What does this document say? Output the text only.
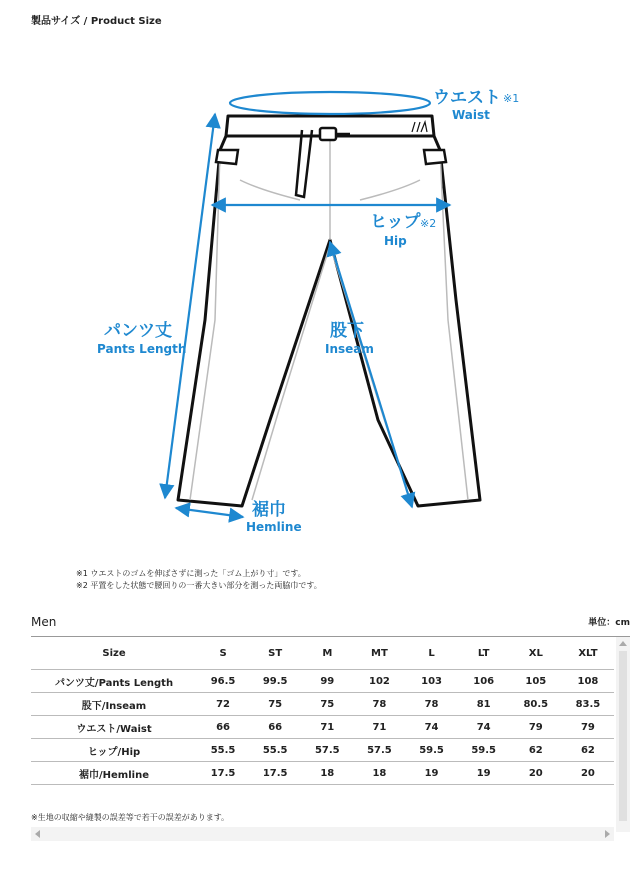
製品サイズ / Product Size
ウエスト ※1
Waist
ヒップ ※2
Hip
パンツ丈
Pants Length
股下
Inseam
裾巾
Hemline
※1 ウエストのゴムを伸ばさずに測った「ゴム上がり寸」です。
※2 平置をした状態で腰回りの一番大きい部分を測った両脇巾です。
Men	単位：cm
Size	S	ST	M	MT	L	LT	XL	XLT
パンツ丈/Pants Length	96.5	99.5	99	102	103	106	105	108
股下/Inseam	72	75	75	78	78	81	80.5	83.5
ウエスト/Waist	66	66	71	71	74	74	79	79
ヒップ/Hip	55.5	55.5	57.5	57.5	59.5	59.5	62	62
裾巾/Hemline	17.5	17.5	18	18	19	19	20	20
※生地の収縮や縫製の誤差等で若干の誤差があります。
